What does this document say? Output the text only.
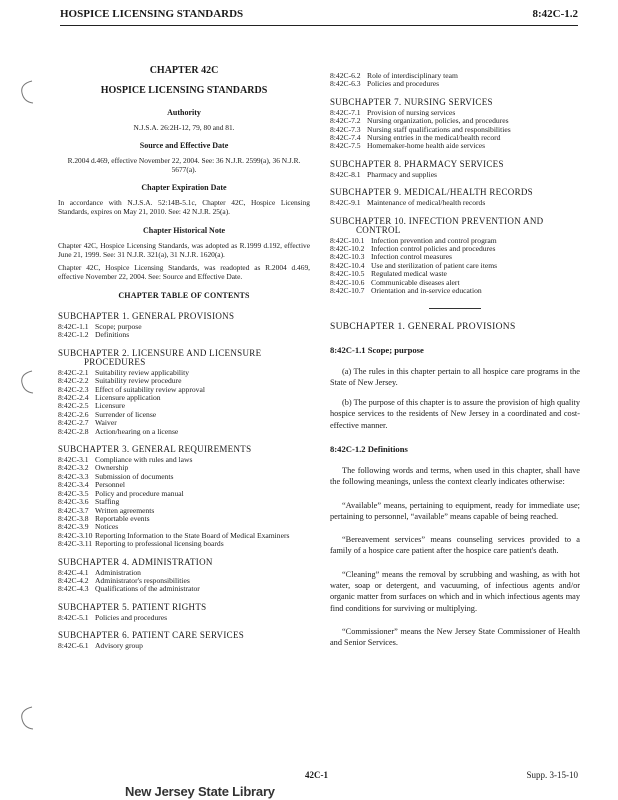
HOSPICE LICENSING STANDARDS	8:42C-1.2
CHAPTER 42C
HOSPICE LICENSING STANDARDS
Authority
N.J.S.A. 26:2H-12, 79, 80 and 81.
Source and Effective Date
R.2004 d.469, effective November 22, 2004. See: 36 N.J.R. 2599(a), 36 N.J.R. 5677(a).
Chapter Expiration Date
In accordance with N.J.S.A. 52:14B-5.1c, Chapter 42C, Hospice Licensing Standards, expires on May 21, 2010. See: 42 N.J.R. 25(a).
Chapter Historical Note
Chapter 42C, Hospice Licensing Standards, was adopted as R.1999 d.192, effective June 21, 1999. See: 31 N.J.R. 321(a), 31 N.J.R. 1620(a).
Chapter 42C, Hospice Licensing Standards, was readopted as R.2004 d.469, effective November 22, 2004. See: Source and Effective Date.
CHAPTER TABLE OF CONTENTS
SUBCHAPTER 1. GENERAL PROVISIONS
8:42C-1.1 Scope; purpose
8:42C-1.2 Definitions
SUBCHAPTER 2. LICENSURE AND LICENSURE
PROCEDURES
8:42C-2.1 Suitability review applicability
8:42C-2.2 Suitability review procedure
8:42C-2.3 Effect of suitability review approval
8:42C-2.4 Licensure application
8:42C-2.5 Licensure
8:42C-2.6 Surrender of license
8:42C-2.7 Waiver
8:42C-2.8 Action/hearing on a license
SUBCHAPTER 3. GENERAL REQUIREMENTS
8:42C-3.1 Compliance with rules and laws
8:42C-3.2 Ownership
8:42C-3.3 Submission of documents
8:42C-3.4 Personnel
8:42C-3.5 Policy and procedure manual
8:42C-3.6 Staffing
8:42C-3.7 Written agreements
8:42C-3.8 Reportable events
8:42C-3.9 Notices
8:42C-3.10 Reporting Information to the State Board of Medical Examiners
8:42C-3.11 Reporting to professional licensing boards
SUBCHAPTER 4. ADMINISTRATION
8:42C-4.1 Administration
8:42C-4.2 Administrator's responsibilities
8:42C-4.3 Qualifications of the administrator
SUBCHAPTER 5. PATIENT RIGHTS
8:42C-5.1 Policies and procedures
SUBCHAPTER 6. PATIENT CARE SERVICES
8:42C-6.1 Advisory group
8:42C-6.2 Role of interdisciplinary team
8:42C-6.3 Policies and procedures
SUBCHAPTER 7. NURSING SERVICES
8:42C-7.1 Provision of nursing services
8:42C-7.2 Nursing organization, policies, and procedures
8:42C-7.3 Nursing staff qualifications and responsibilities
8:42C-7.4 Nursing entries in the medical/health record
8:42C-7.5 Homemaker-home health aide services
SUBCHAPTER 8. PHARMACY SERVICES
8:42C-8.1 Pharmacy and supplies
SUBCHAPTER 9. MEDICAL/HEALTH RECORDS
8:42C-9.1 Maintenance of medical/health records
SUBCHAPTER 10. INFECTION PREVENTION AND
CONTROL
8:42C-10.1 Infection prevention and control program
8:42C-10.2 Infection control policies and procedures
8:42C-10.3 Infection control measures
8:42C-10.4 Use and sterilization of patient care items
8:42C-10.5 Regulated medical waste
8:42C-10.6 Communicable diseases alert
8:42C-10.7 Orientation and in-service education
SUBCHAPTER 1. GENERAL PROVISIONS
8:42C-1.1 Scope; purpose
(a) The rules in this chapter pertain to all hospice care programs in the State of New Jersey.
(b) The purpose of this chapter is to assure the provision of high quality hospice services to the residents of New Jersey in a coordinated and cost-effective manner.
8:42C-1.2 Definitions
The following words and terms, when used in this chapter, shall have the following meanings, unless the context clearly indicates otherwise:
“Available” means, pertaining to equipment, ready for immediate use; pertaining to personnel, “available” means capable of being reached.
“Bereavement services” means counseling services provided to a family of a hospice care patient after the hospice care patient's death.
“Cleaning” means the removal by scrubbing and washing, as with hot water, soap or detergent, and vacuuming, of infectious agents and/or organic matter from surfaces on which and in which infectious agents may find conditions for surviving or multiplying.
“Commissioner” means the New Jersey State Commissioner of Health and Senior Services.
42C-1	Supp. 3-15-10
New Jersey State Library
